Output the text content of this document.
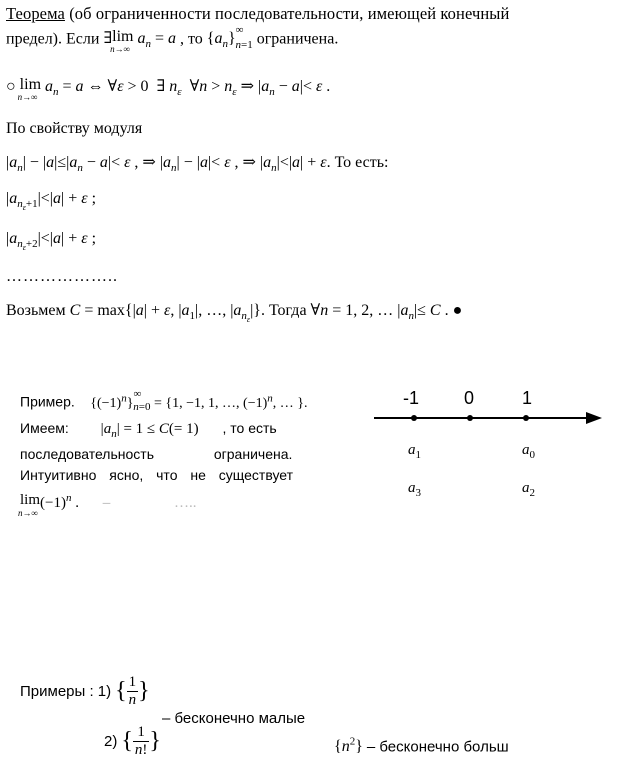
Теорема (об ограниченности последовательности, имеющей конечный
предел). Если ∃lim
n→∞
$a_n = a$ , то $\{a_n\}^\infty_{n=1}$ ограничена.
○ lim
n→∞
$a_n = a$ ⇔ ∀ε > 0  ∃ $n_\varepsilon$  ∀n > $n_\varepsilon$ ⇒ $|a_n - a|< \varepsilon$ .
По свойству модуля
$|a_n| - |a|\le|a_n - a|< \varepsilon$ , ⇒ $|a_n| - |a|< \varepsilon$ , ⇒ $|a_n|<|a| + \varepsilon$. То есть:
$|a_{n_\varepsilon+1}|<|a| + \varepsilon$ ;
$|a_{n_\varepsilon+2}|<|a| + \varepsilon$ ;
………………..
Возьмем C = max{|a| + ε, $|a_1|$, …, $|a_{n_\varepsilon}|$}. Тогда ∀n = 1, 2, … $|a_n|\le C$ . ●
Пример. $\{(-1)^n\}^\infty_{n=0} = \{1$, −1, 1, …, $(-1)^n$, … }.
Имеем: $|a_n| = 1 \le C(= 1)$ , то есть
последовательность ограничена.
Интуитивно ясно, что не существует
lim
n→∞
$(-1)^n$ . –	…..
-1 0	1
$a_1$	$a_0$
$a_3$	$a_2$
Примеры : 1) { $\frac{1}{n}$ }
– бесконечно малые
2) { $\frac{1}{n!}$ }	$\{n^2\}$ – бесконечно больш
